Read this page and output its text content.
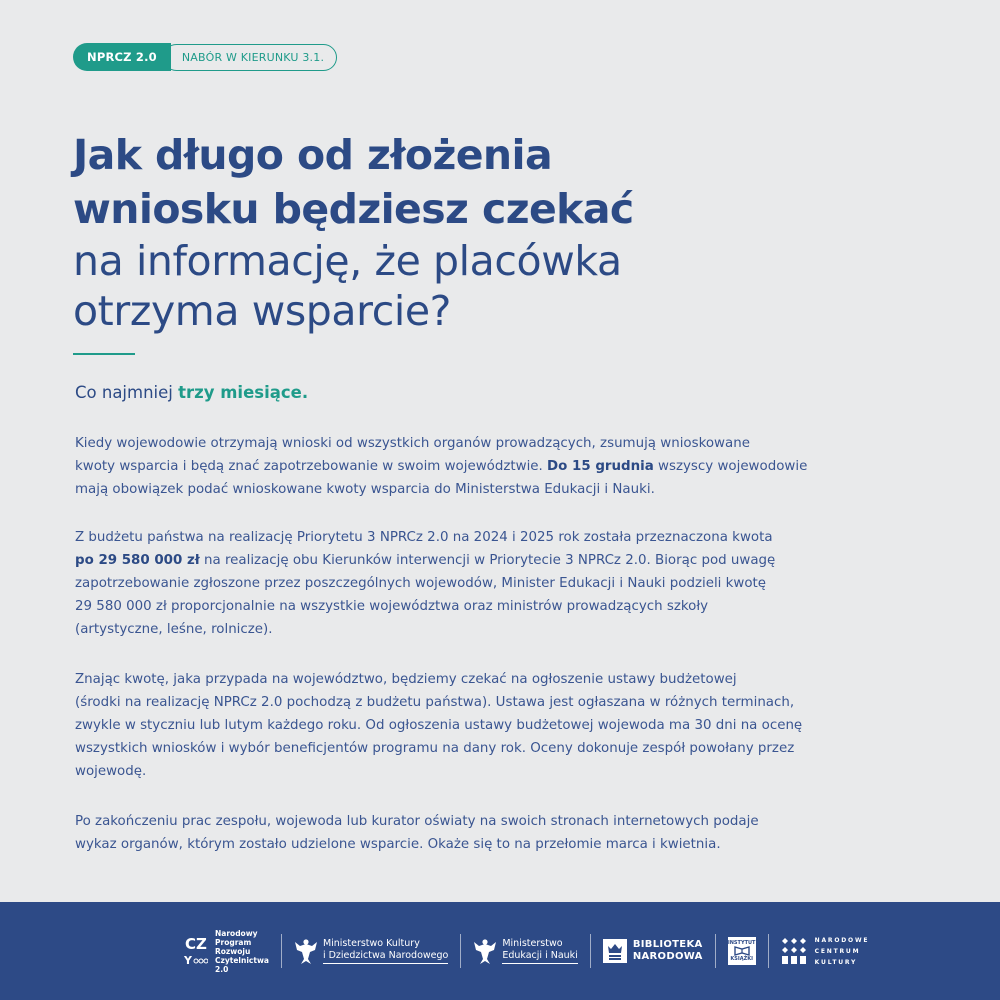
NPRCZ 2.0	NABÓR W KIERUNKU 3.1.
Jak długo od złożenia
wniosku będziesz czekać
na informację, że placówka
otrzyma wsparcie?
Co najmniej trzy miesiące.

Kiedy wojewodowie otrzymają wnioski od wszystkich organów prowadzących, zsumują wnioskowane
kwoty wsparcia i będą znać zapotrzebowanie w swoim województwie. Do 15 grudnia wszyscy wojewodowie
mają obowiązek podać wnioskowane kwoty wsparcia do Ministerstwa Edukacji i Nauki.

Z budżetu państwa na realizację Priorytetu 3 NPRCz 2.0 na 2024 i 2025 rok została przeznaczona kwota
po 29 580 000 zł na realizację obu Kierunków interwencji w Priorytecie 3 NPRCz 2.0. Biorąc pod uwagę
zapotrzebowanie zgłoszone przez poszczególnych wojewodów, Minister Edukacji i Nauki podzieli kwotę
29 580 000 zł proporcjonalnie na wszystkie województwa oraz ministrów prowadzących szkoły
(artystyczne, leśne, rolnicze).

Znając kwotę, jaka przypada na województwo, będziemy czekać na ogłoszenie ustawy budżetowej
(środki na realizację NPRCz 2.0 pochodzą z budżetu państwa). Ustawa jest ogłaszana w różnych terminach,
zwykle w styczniu lub lutym każdego roku. Od ogłoszenia ustawy budżetowej wojewoda ma 30 dni na ocenę
wszystkich wniosków i wybór beneficjentów programu na dany rok. Oceny dokonuje zespół powołany przez
wojewodę.

Po zakończeniu prac zespołu, wojewoda lub kurator oświaty na swoich stronach internetowych podaje
wykaz organów, którym zostało udzielone wsparcie. Okaże się to na przełomie marca i kwietnia.

CZ
Y
Narodowy
Program
Rozwoju
Czytelnictwa
2.0
Ministerstwo Kultury
i Dziedzictwa Narodowego
Ministerstwo
Edukacji i Nauki
BIBLIOTEKA
NARODOWA
INSTYTUT
KSIĄŻKI
NARODOWE
CENTRUM
KULTURY
